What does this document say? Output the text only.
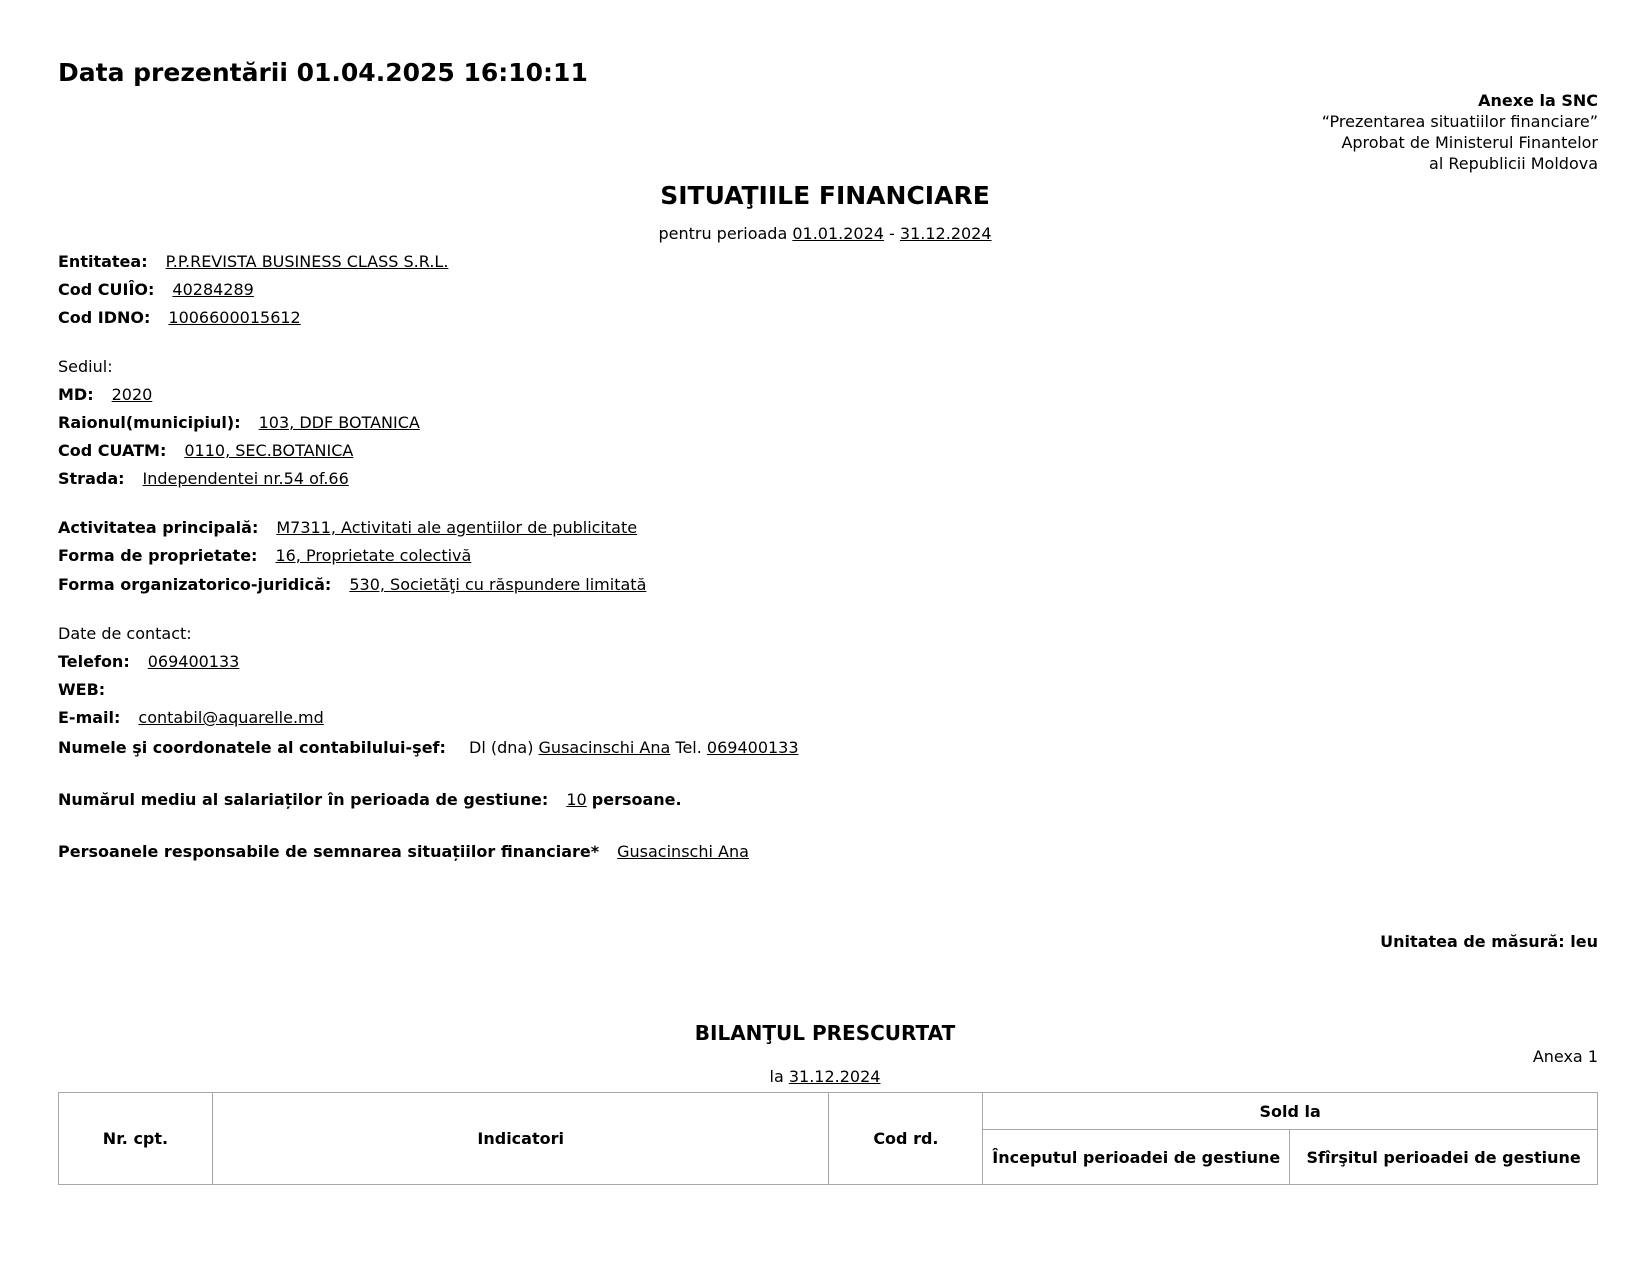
Data prezentării 01.04.2025 16:10:11
Anexe la SNC
“Prezentarea situatiilor financiare”
Aprobat de Ministerul Finantelor
al Republicii Moldova
SITUAŢIILE FINANCIARE
pentru perioada 01.01.2024 - 31.12.2024
Entitatea: P.P.REVISTA BUSINESS CLASS S.R.L.
Cod CUIÎO: 40284289
Cod IDNO: 1006600015612
Sediul:
MD: 2020
Raionul(municipiul): 103, DDF BOTANICA
Cod CUATM: 0110, SEC.BOTANICA
Strada: Independentei nr.54 of.66
Activitatea principală: M7311, Activitati ale agentiilor de publicitate
Forma de proprietate: 16, Proprietate colectivă
Forma organizatorico-juridică: 530, Societăţi cu răspundere limitată
Date de contact:
Telefon: 069400133
WEB:
E-mail: contabil@aquarelle.md
Numele şi coordonatele al contabilului-şef: Dl (dna) Gusacinschi Ana Tel. 069400133
Numărul mediu al salariaților în perioada de gestiune: 10 persoane.
Persoanele responsabile de semnarea situațiilor financiare* Gusacinschi Ana
Unitatea de măsură: leu
BILANŢUL PRESCURTAT
Anexa 1
la 31.12.2024
Nr. cpt.	Indicatori	Cod rd.	Sold la	
			Începutul perioadei de gestiune	Sfîrşitul perioadei de gestiune
